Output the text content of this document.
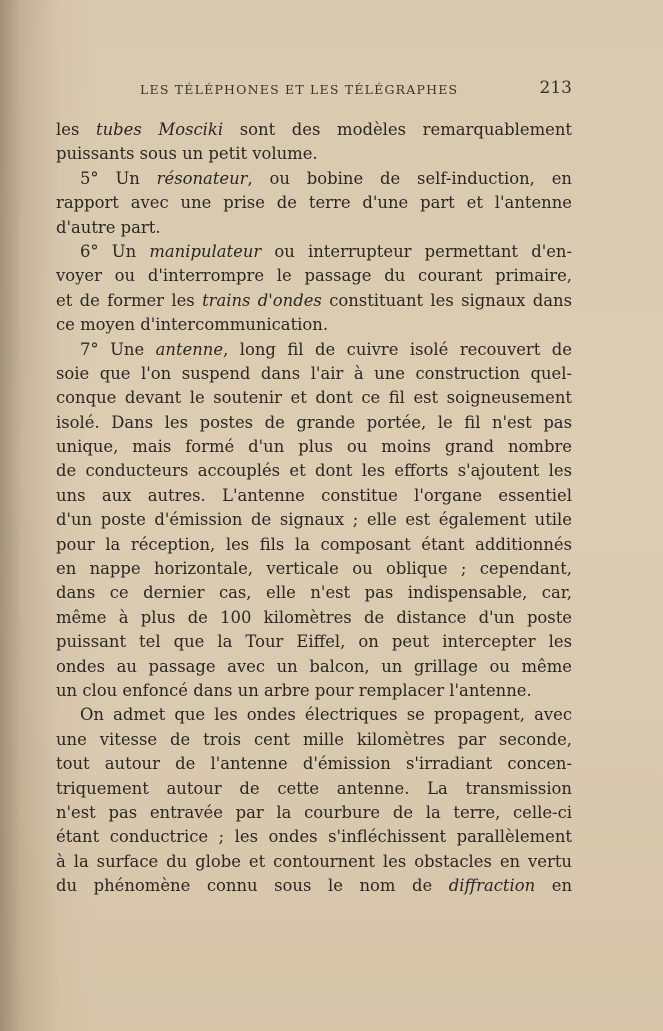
LES TÉLÉPHONES ET LES TÉLÉGRAPHES	213
les tubes Mosciki sont des modèles remarquablement
puissants sous un petit volume.
5° Un résonateur, ou bobine de self-induction, en
rapport avec une prise de terre d'une part et l'antenne
d'autre part.
6° Un manipulateur ou interrupteur permettant d'en-
voyer ou d'interrompre le passage du courant primaire,
et de former les trains d'ondes constituant les signaux dans
ce moyen d'intercommunication.
7° Une antenne, long fil de cuivre isolé recouvert de
soie que l'on suspend dans l'air à une construction quel-
conque devant le soutenir et dont ce fil est soigneusement
isolé. Dans les postes de grande portée, le fil n'est pas
unique, mais formé d'un plus ou moins grand nombre
de conducteurs accouplés et dont les efforts s'ajoutent les
uns aux autres. L'antenne constitue l'organe essentiel
d'un poste d'émission de signaux ; elle est également utile
pour la réception, les fils la composant étant additionnés
en nappe horizontale, verticale ou oblique ; cependant,
dans ce dernier cas, elle n'est pas indispensable, car,
même à plus de 100 kilomètres de distance d'un poste
puissant tel que la Tour Eiffel, on peut intercepter les
ondes au passage avec un balcon, un grillage ou même
un clou enfoncé dans un arbre pour remplacer l'antenne.
On admet que les ondes électriques se propagent, avec
une vitesse de trois cent mille kilomètres par seconde,
tout autour de l'antenne d'émission s'irradiant concen-
triquement autour de cette antenne. La transmission
n'est pas entravée par la courbure de la terre, celle-ci
étant conductrice ; les ondes s'infléchissent parallèlement
à la surface du globe et contournent les obstacles en vertu
du phénomène connu sous le nom de diffraction en
